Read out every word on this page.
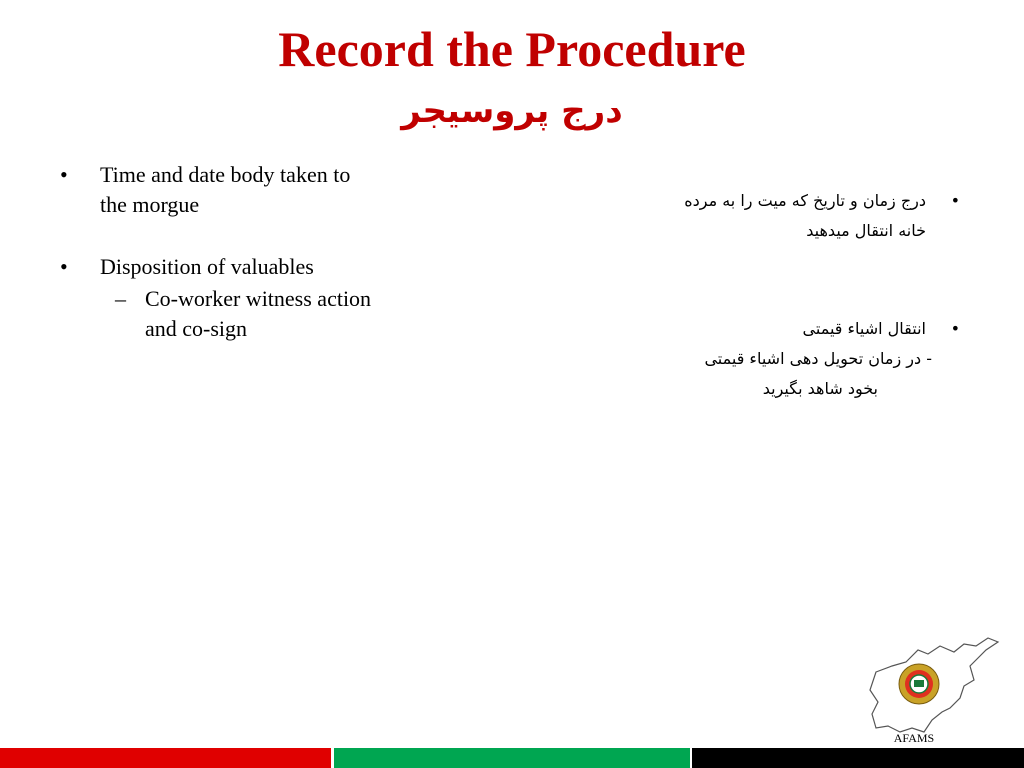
Record the Procedure
درج پروسیجر
• Time and date body taken to
the morgue
• Disposition of valuables
– Co-worker witness action
and co-sign
•
درج زمان و تاریخ که میت را به مرده
خانه انتقال میدهید
•
انتقال اشیاء قیمتی
- در زمان تحویل دهی اشیاء قیمتی
بخود شاهد بگیرید
AFAMS
